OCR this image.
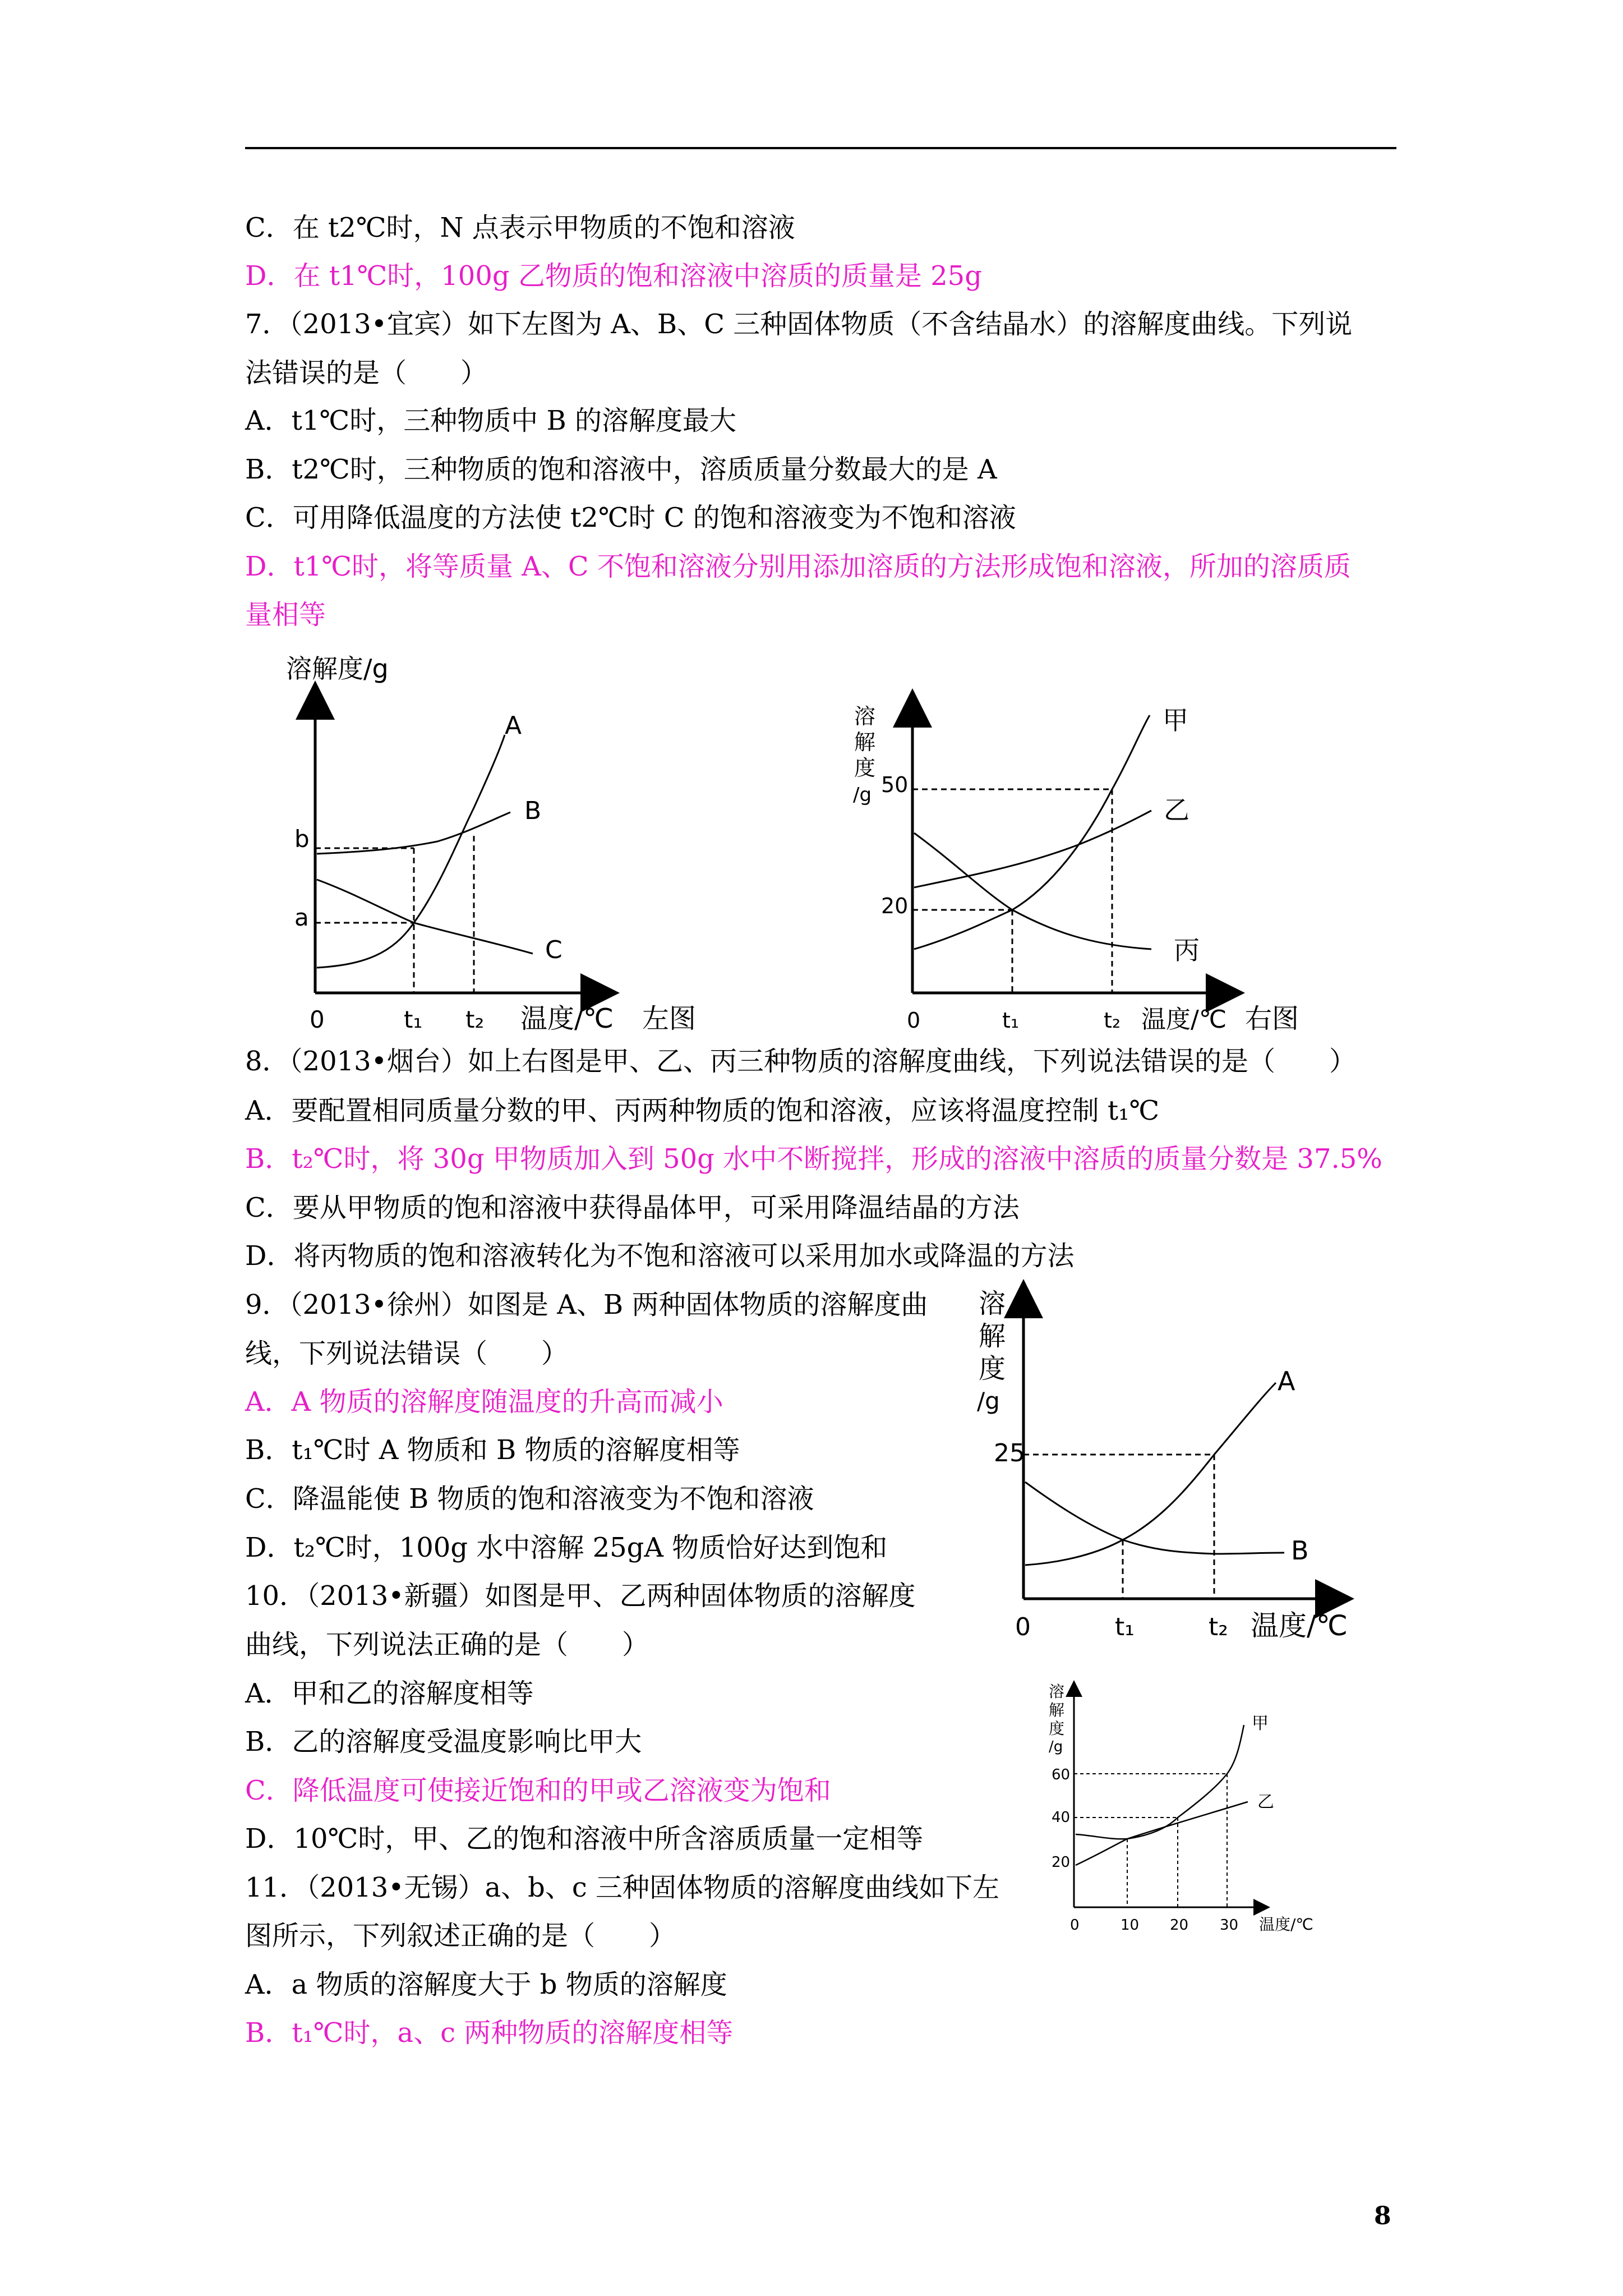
C．在 t2℃时，N 点表示甲物质的不饱和溶液
D．在 t1℃时，100g 乙物质的饱和溶液中溶质的质量是 25g
7．（2013•宜宾）如下左图为 A、B、C 三种固体物质（不含结晶水）的溶解度曲线。下列说
法错误的是（　　）
A．t1℃时，三种物质中 B 的溶解度最大
B．t2℃时，三种物质的饱和溶液中，溶质质量分数最大的是 A
C．可用降低温度的方法使 t2℃时 C 的饱和溶液变为不饱和溶液
D．t1℃时，将等质量 A、C 不饱和溶液分别用添加溶质的方法形成饱和溶液，所加的溶质质
量相等
8．（2013•烟台）如上右图是甲、乙、丙三种物质的溶解度曲线，下列说法错误的是（　　）
A．要配置相同质量分数的甲、丙两种物质的饱和溶液，应该将温度控制 t₁℃
B．t₂℃时，将 30g 甲物质加入到 50g 水中不断搅拌，形成的溶液中溶质的质量分数是 37.5%
C．要从甲物质的饱和溶液中获得晶体甲，可采用降温结晶的方法
D．将丙物质的饱和溶液转化为不饱和溶液可以采用加水或降温的方法
9．（2013•徐州）如图是 A、B 两种固体物质的溶解度曲
线，下列说法错误（　　）
A．A 物质的溶解度随温度的升高而减小
B．t₁℃时 A 物质和 B 物质的溶解度相等
C．降温能使 B 物质的饱和溶液变为不饱和溶液
D．t₂℃时，100g 水中溶解 25gA 物质恰好达到饱和
10．（2013•新疆）如图是甲、乙两种固体物质的溶解度
曲线，下列说法正确的是（　　）
A．甲和乙的溶解度相等
B．乙的溶解度受温度影响比甲大
C．降低温度可使接近饱和的甲或乙溶液变为饱和
D．10℃时，甲、乙的饱和溶液中所含溶质质量一定相等
11．（2013•无锡）a、b、c 三种固体物质的溶解度曲线如下左
图所示，下列叙述正确的是（　　）
A．a 物质的溶解度大于 b 物质的溶解度
B．t₁℃时，a、c 两种物质的溶解度相等
溶解度/g
0	t₁ t₂ 温度/℃ 左图
b
a
A
B
C
溶
解
度
/g
0	t₁	t₂ 温度/℃ 右图
50
20
甲
乙
丙
溶
解
度
/g
25
0	t₁	t₂ 温度/℃
A
B
溶
解
度
/g
60
40
20
0	10 20 30 温度/℃
甲
乙
8
